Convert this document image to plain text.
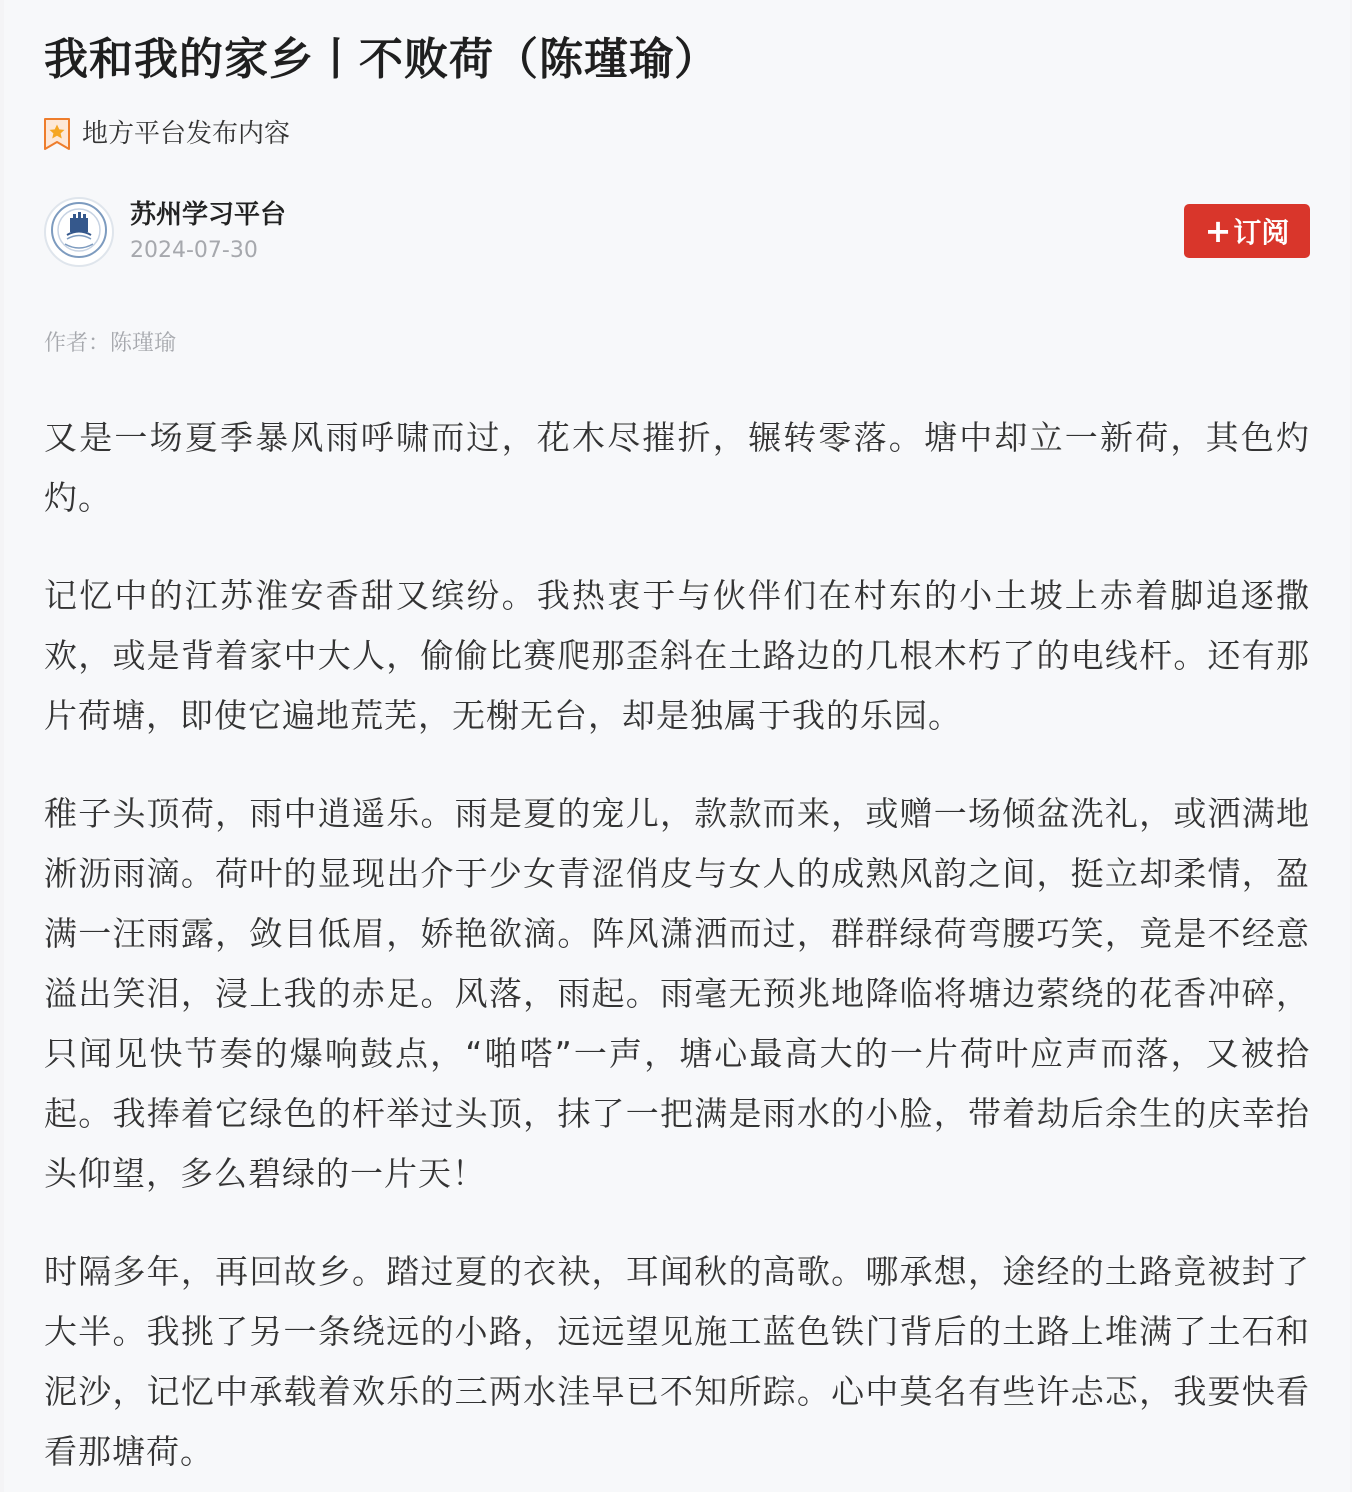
我和我的家乡丨不败荷（陈瑾瑜）
地方平台发布内容
苏州学习平台
2024-07-30
+ 订阅
作者：陈瑾瑜

又是一场夏季暴风雨呼啸而过，花木尽摧折，辗转零落。塘中却立一新荷，其色灼灼。

记忆中的江苏淮安香甜又缤纷。我热衷于与伙伴们在村东的小土坡上赤着脚追逐撒欢，或是背着家中大人，偷偷比赛爬那歪斜在土路边的几根木朽了的电线杆。还有那片荷塘，即使它遍地荒芜，无榭无台，却是独属于我的乐园。

稚子头顶荷，雨中逍遥乐。雨是夏的宠儿，款款而来，或赠一场倾盆洗礼，或洒满地淅沥雨滴。荷叶的显现出介于少女青涩俏皮与女人的成熟风韵之间，挺立却柔情，盈满一汪雨露，敛目低眉，娇艳欲滴。阵风潇洒而过，群群绿荷弯腰巧笑，竟是不经意溢出笑泪，浸上我的赤足。风落，雨起。雨毫无预兆地降临将塘边萦绕的花香冲碎，只闻见快节奏的爆响鼓点，“啪嗒”一声，塘心最高大的一片荷叶应声而落，又被拾起。我捧着它绿色的杆举过头顶，抹了一把满是雨水的小脸，带着劫后余生的庆幸抬头仰望，多么碧绿的一片天！

时隔多年，再回故乡。踏过夏的衣袂，耳闻秋的高歌。哪承想，途经的土路竟被封了大半。我挑了另一条绕远的小路，远远望见施工蓝色铁门背后的土路上堆满了土石和泥沙，记忆中承载着欢乐的三两水洼早已不知所踪。心中莫名有些许忐忑，我要快看看那塘荷。
